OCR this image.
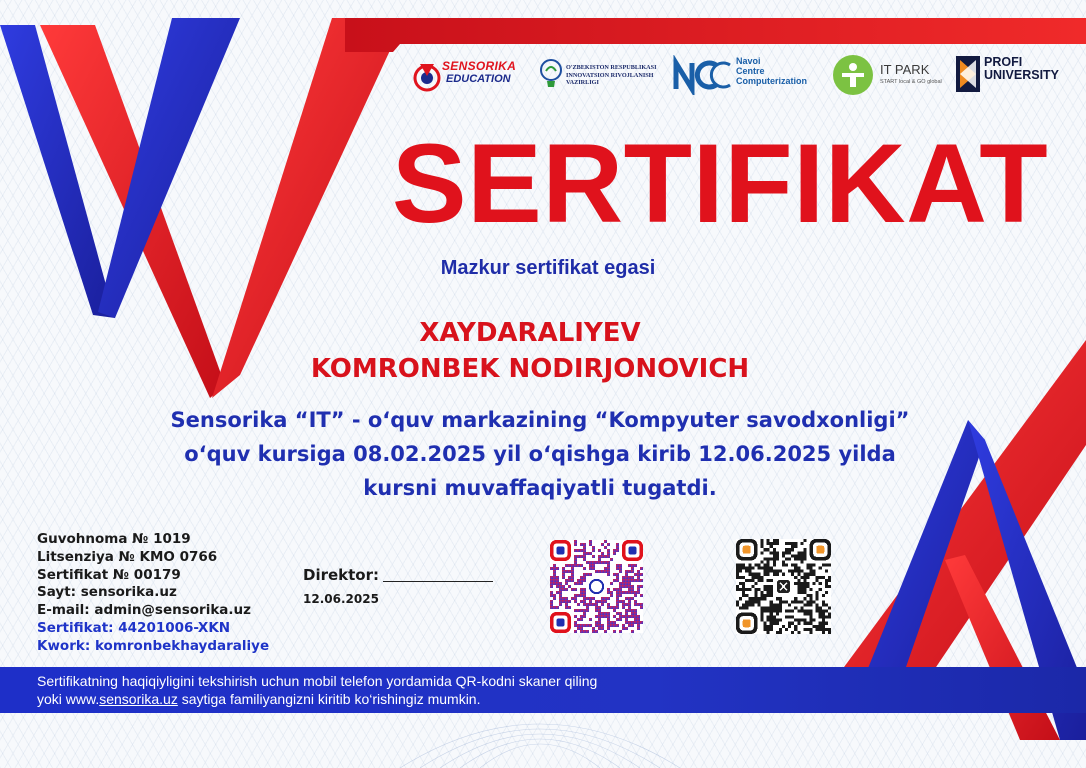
SENSORIKA
EDUCATION
O'ZBEKISTON RESPUBLIKASI INNOVATSION RIVOJLANISH VAZIRLIGI
Navoi
Centre
Computerization
IT PARK
START local & GO global
PROFI
UNIVERSITY
SERTIFIKAT
Mazkur sertifikat egasi
XAYDARALIYEV
KOMRONBEK NODIRJONOVICH
Sensorika “IT” - o‘quv markazining “Kompyuter savodxonligi”
o‘quv kursiga 08.02.2025 yil o‘qishga kirib 12.06.2025 yilda
kursni muvaffaqiyatli tugatdi.
Guvohnoma № 1019
Litsenziya № KMO 0766
Sertifikat № 00179
Sayt: sensorika.uz
E-mail: admin@sensorika.uz
Sertifikat: 44201006-XKN
Kwork: komronbekhaydaraliye
Direktor:
12.06.2025
Sertifikatning haqiqiyligini tekshirish uchun mobil telefon yordamida QR-kodni skaner qiling
yoki www.sensorika.uz saytiga familiyangizni kiritib ko‘rishingiz mumkin.
